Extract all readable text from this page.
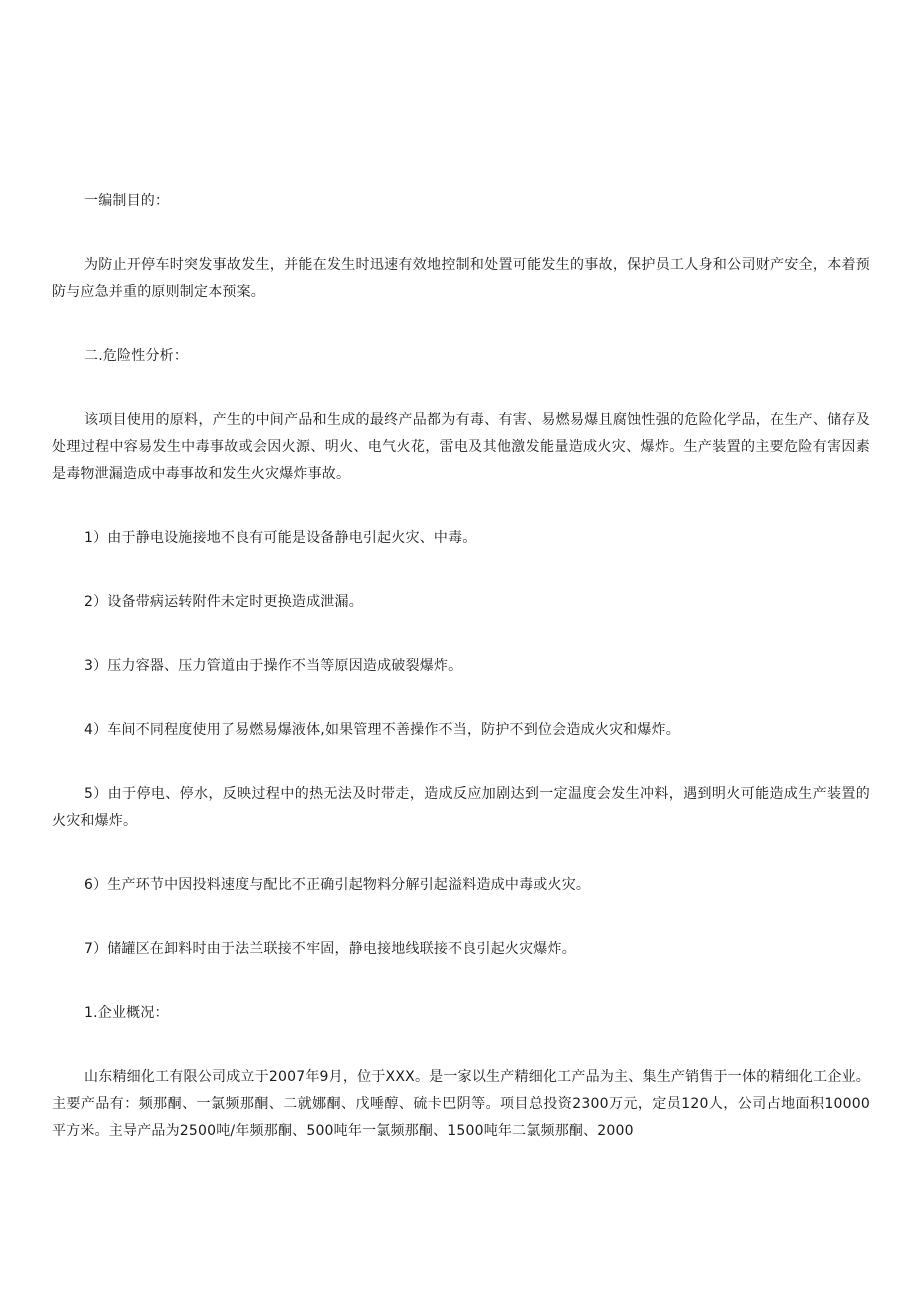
一编制目的：

为防止开停车时突发事故发生，并能在发生时迅速有效地控制和处置可能发生的事故，保护员工人身和公司财产安全，本着预防与应急并重的原则制定本预案。

二.危险性分析：

该项目使用的原料，产生的中间产品和生成的最终产品都为有毒、有害、易燃易爆且腐蚀性强的危险化学品，在生产、储存及处理过程中容易发生中毒事故或会因火源、明火、电气火花，雷电及其他激发能量造成火灾、爆炸。生产装置的主要危险有害因素是毒物泄漏造成中毒事故和发生火灾爆炸事故。

1）由于静电设施接地不良有可能是设备静电引起火灾、中毒。

2）设备带病运转附件未定时更换造成泄漏。

3）压力容器、压力管道由于操作不当等原因造成破裂爆炸。

4）车间不同程度使用了易燃易爆液体,如果管理不善操作不当，防护不到位会造成火灾和爆炸。

5）由于停电、停水，反映过程中的热无法及时带走，造成反应加剧达到一定温度会发生冲料，遇到明火可能造成生产装置的火灾和爆炸。

6）生产环节中因投料速度与配比不正确引起物料分解引起溢料造成中毒或火灾。

7）储罐区在卸料时由于法兰联接不牢固，静电接地线联接不良引起火灾爆炸。

1.企业概况：

山东精细化工有限公司成立于2007年9月，位于XXX。是一家以生产精细化工产品为主、集生产销售于一体的精细化工企业。主要产品有：频那酮、一氯频那酮、二就娜酮、戊唾醇、硫卡巴阴等。项目总投资2300万元，定员120人，公司占地面积10000平方米。主导产品为2500吨/年频那酮、500吨年一氯频那酮、1500吨年二氯频那酮、2000
